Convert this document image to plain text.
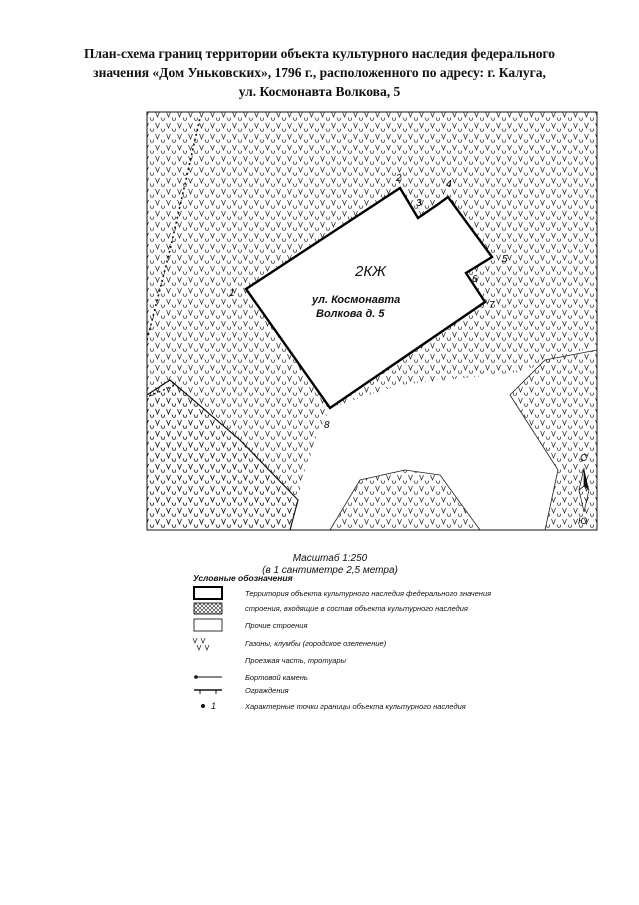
План-схема границ территории объекта культурного наследия федерального
значения «Дом Уньковских», 1796 г., расположенного по адресу: г. Калуга,
ул. Космонавта Волкова, 5
2КЖ
ул. Космонавта
Волкова д. 5
1
2
3
4
5
6
7
8
С
Ю
Масштаб 1:250
(в 1 сантиметре 2,5 метра)
Условные обозначения
Территория объекта культурного наследия федерального значения
строения, входящие в состав объекта культурного наследия
Прочие строения
Газоны, клумбы (городское озеленение)
Проезжая часть, тротуары
Бортовой камень
Ограждения
1	Характерные точки границы объекта культурного наследия
